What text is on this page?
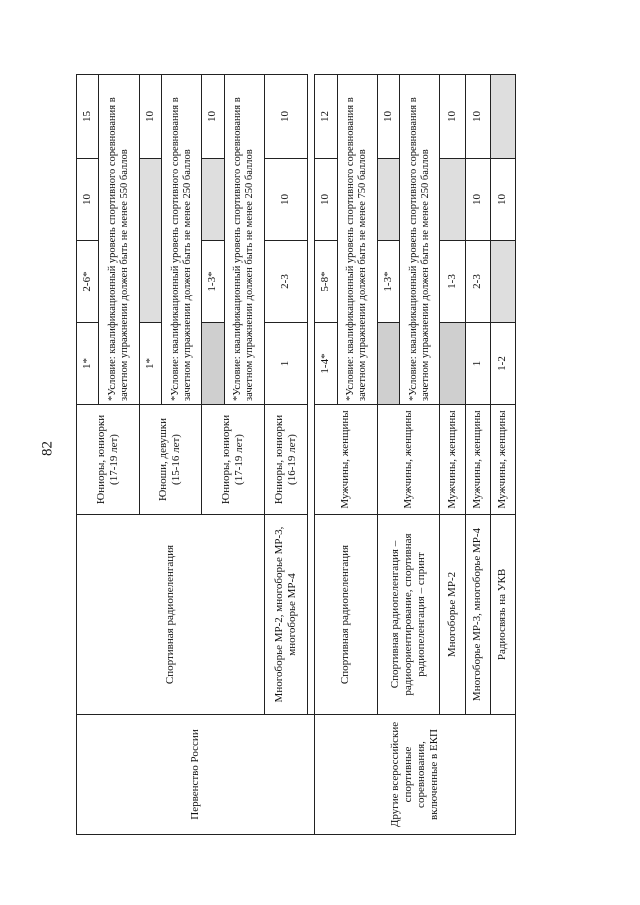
82
Первенство России	Спортивная радиопеленгация	Юниоры, юниорки (17-19 лет)	1*	2-6*	10	15
			*Условие: квалификационный уровень спортивного соревнования в зачетном упражнении должен быть не менее 550 баллов			
		Юноши, девушки (15-16 лет)	1*			10
			*Условие: квалификационный уровень спортивного соревнования в зачетном упражнении должен быть не менее 250 баллов			
		Юниоры, юниорки (17-19 лет)		1-3*		10
			*Условие: квалификационный уровень спортивного соревнования в зачетном упражнении должен быть не менее 250 баллов			
	Многоборье МР-2, многоборье МР-3, многоборье МР-4	Юниоры, юниорки (16-19 лет)	1	2-3	10	10

Другие всероссийские спортивные соревнования, включенные в ЕКП	Спортивная радиопеленгация	Мужчины, женщины	1-4*	5-8*	10	12
			*Условие: квалификационный уровень спортивного соревнования в зачетном упражнении должен быть не менее 750 баллов			
	Спортивная радиопеленгация – радиоориентирование, спортивная радиопеленгация – спринт	Мужчины, женщины		1-3*		10
			*Условие: квалификационный уровень спортивного соревнования в зачетном упражнении должен быть не менее 250 баллов			
	Многоборье МР-2	Мужчины, женщины		1-3		10
	Многоборье МР-3, многоборье МР-4	Мужчины, женщины	1	2-3	10	10
	Радиосвязь на УКВ	Мужчины, женщины	1-2		10	
